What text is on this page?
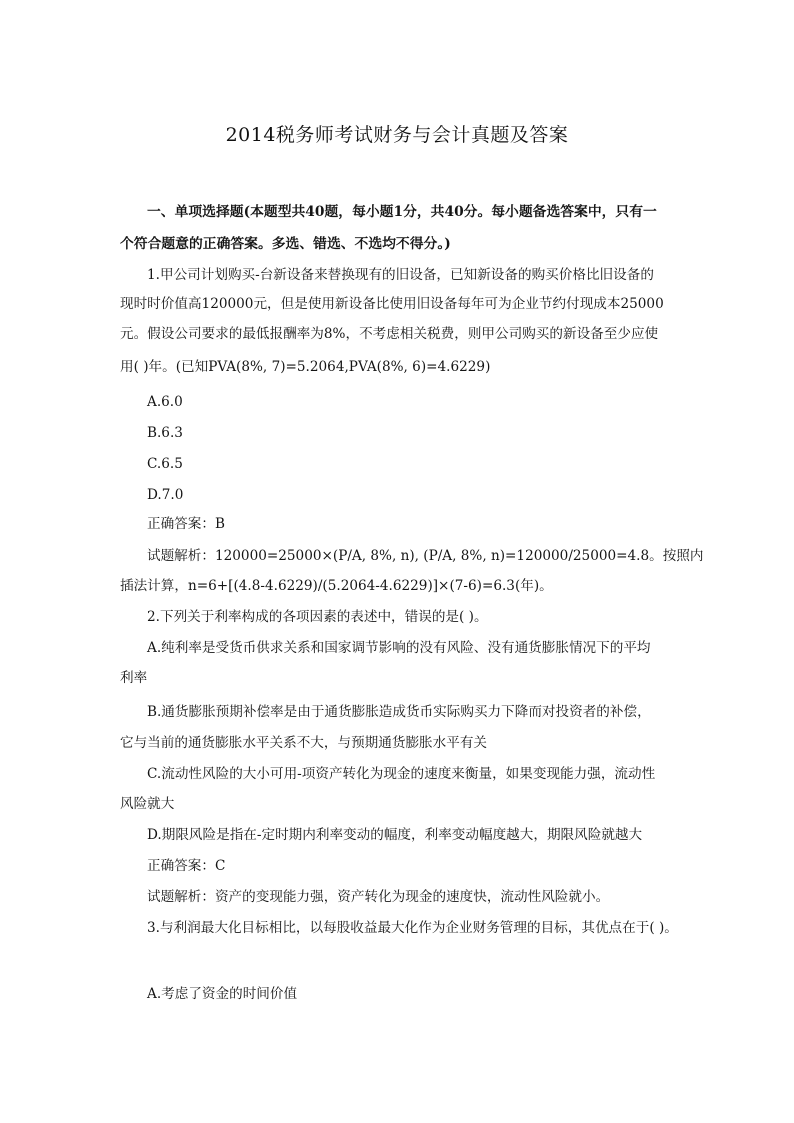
2014税务师考试财务与会计真题及答案
一、单项选择题(本题型共40题，每小题1分，共40分。每小题备选答案中，只有一
个符合题意的正确答案。多选、错选、不选均不得分。)
1.甲公司计划购买-台新设备来替换现有的旧设备，已知新设备的购买价格比旧设备的
现时时价值高120000元，但是使用新设备比使用旧设备每年可为企业节约付现成本25000
元。假设公司要求的最低报酬率为8%，不考虑相关税费，则甲公司购买的新设备至少应使
用( )年。(已知PVA(8%, 7)=5.2064,PVA(8%, 6)=4.6229)
A.6.0
B.6.3
C.6.5
D.7.0
正确答案：B
试题解析：120000=25000×(P/A, 8%, n), (P/A, 8%, n)=120000/25000=4.8。按照内
插法计算，n=6+[(4.8-4.6229)/(5.2064-4.6229)]×(7-6)=6.3(年)。
2.下列关于利率构成的各项因素的表述中，错误的是( )。
A.纯利率是受货币供求关系和国家调节影响的没有风险、没有通货膨胀情况下的平均
利率
B.通货膨胀预期补偿率是由于通货膨胀造成货币实际购买力下降而对投资者的补偿，
它与当前的通货膨胀水平关系不大，与预期通货膨胀水平有关
C.流动性风险的大小可用-项资产转化为现金的速度来衡量，如果变现能力强，流动性
风险就大
D.期限风险是指在-定时期内利率变动的幅度，利率变动幅度越大，期限风险就越大
正确答案：C
试题解析：资产的变现能力强，资产转化为现金的速度快，流动性风险就小。
3.与利润最大化目标相比，以每股收益最大化作为企业财务管理的目标，其优点在于( )。
A.考虑了资金的时间价值
